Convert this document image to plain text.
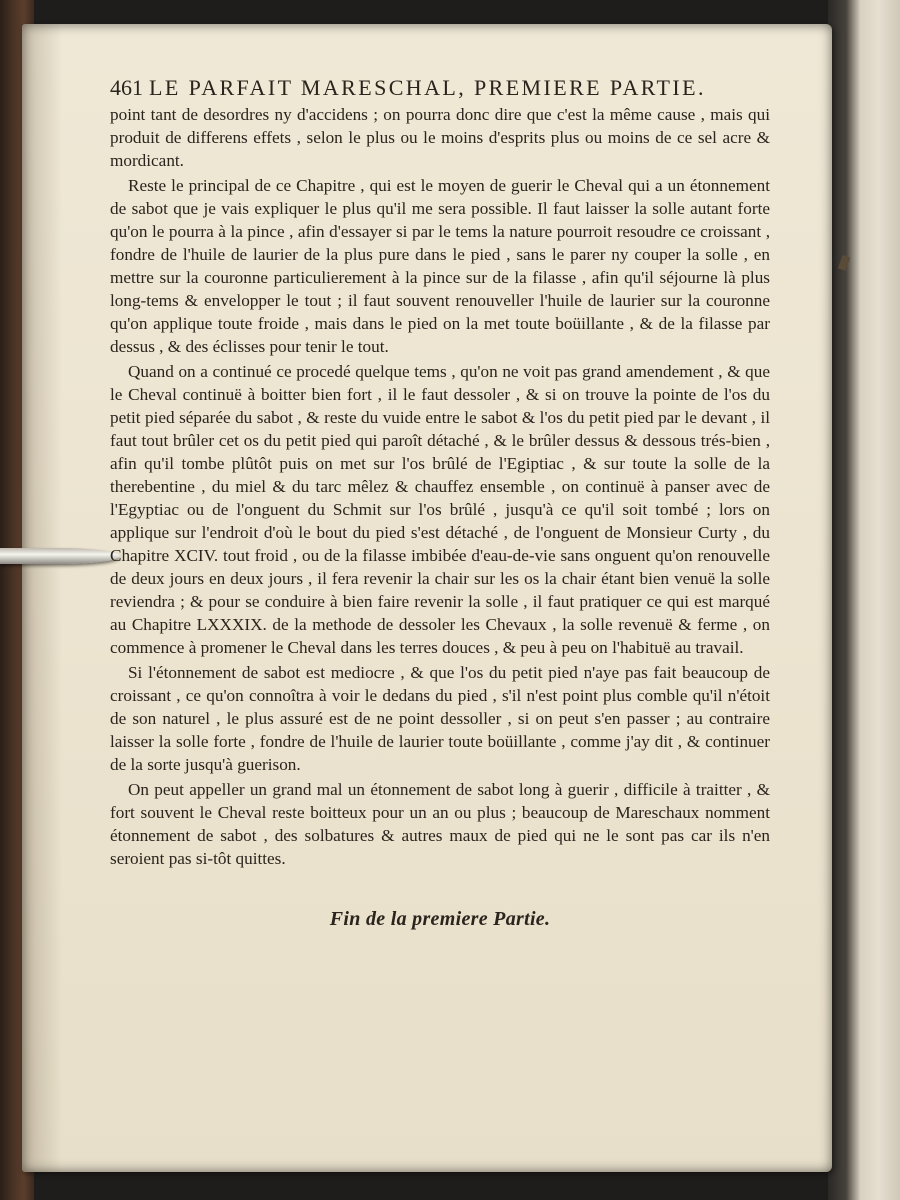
461 LE PARFAIT MARESCHAL, PREMIERE PARTIE.

point tant de desordres ny d'accidens ; on pourra donc dire que c'est la même cause , mais qui produit de differens effets , selon le plus ou le moins d'esprits plus ou moins de ce sel acre & mordicant.

Reste le principal de ce Chapitre , qui est le moyen de guerir le Cheval qui a un étonnement de sabot que je vais expliquer le plus qu'il me sera possible. Il faut laisser la solle autant forte qu'on le pourra à la pince , afin d'essayer si par le tems la nature pourroit resoudre ce croissant , fondre de l'huile de laurier de la plus pure dans le pied , sans le parer ny couper la solle , en mettre sur la couronne particulierement à la pince sur de la filasse , afin qu'il séjourne là plus long-tems & envelopper le tout ; il faut souvent renouveller l'huile de laurier sur la couronne qu'on applique toute froide , mais dans le pied on la met toute boüillante , & de la filasse par dessus , & des éclisses pour tenir le tout.

Quand on a continué ce procedé quelque tems , qu'on ne voit pas grand amendement , & que le Cheval continuë à boitter bien fort , il le faut dessoler , & si on trouve la pointe de l'os du petit pied séparée du sabot , & reste du vuide entre le sabot & l'os du petit pied par le devant , il faut tout brûler cet os du petit pied qui paroît détaché , & le brûler dessus & dessous trés-bien , afin qu'il tombe plûtôt puis on met sur l'os brûlé de l'Egiptiac , & sur toute la solle de la therebentine , du miel & du tarc mêlez & chauffez ensemble , on continuë à panser avec de l'Egyptiac ou de l'onguent du Schmit sur l'os brûlé , jusqu'à ce qu'il soit tombé ; lors on applique sur l'endroit d'où le bout du pied s'est détaché , de l'onguent de Monsieur Curty , du Chapitre XCIV. tout froid , ou de la filasse imbibée d'eau-de-vie sans onguent qu'on renouvelle de deux jours en deux jours , il fera revenir la chair sur les os la chair étant bien venuë la solle reviendra ; & pour se conduire à bien faire revenir la solle , il faut pratiquer ce qui est marqué au Chapitre LXXXIX. de la methode de dessoler les Chevaux , la solle revenuë & ferme , on commence à promener le Cheval dans les terres douces , & peu à peu on l'habituë au travail.

Si l'étonnement de sabot est mediocre , & que l'os du petit pied n'aye pas fait beaucoup de croissant , ce qu'on connoîtra à voir le dedans du pied , s'il n'est point plus comble qu'il n'étoit de son naturel , le plus assuré est de ne point dessoller , si on peut s'en passer ; au contraire laisser la solle forte , fondre de l'huile de laurier toute boüillante , comme j'ay dit , & continuer de la sorte jusqu'à guerison.

On peut appeller un grand mal un étonnement de sabot long à guerir , difficile à traitter , & fort souvent le Cheval reste boitteux pour un an ou plus ; beaucoup de Mareschaux nomment étonnement de sabot , des solbatures & autres maux de pied qui ne le sont pas car ils n'en seroient pas si-tôt quittes.

Fin de la premiere Partie.
